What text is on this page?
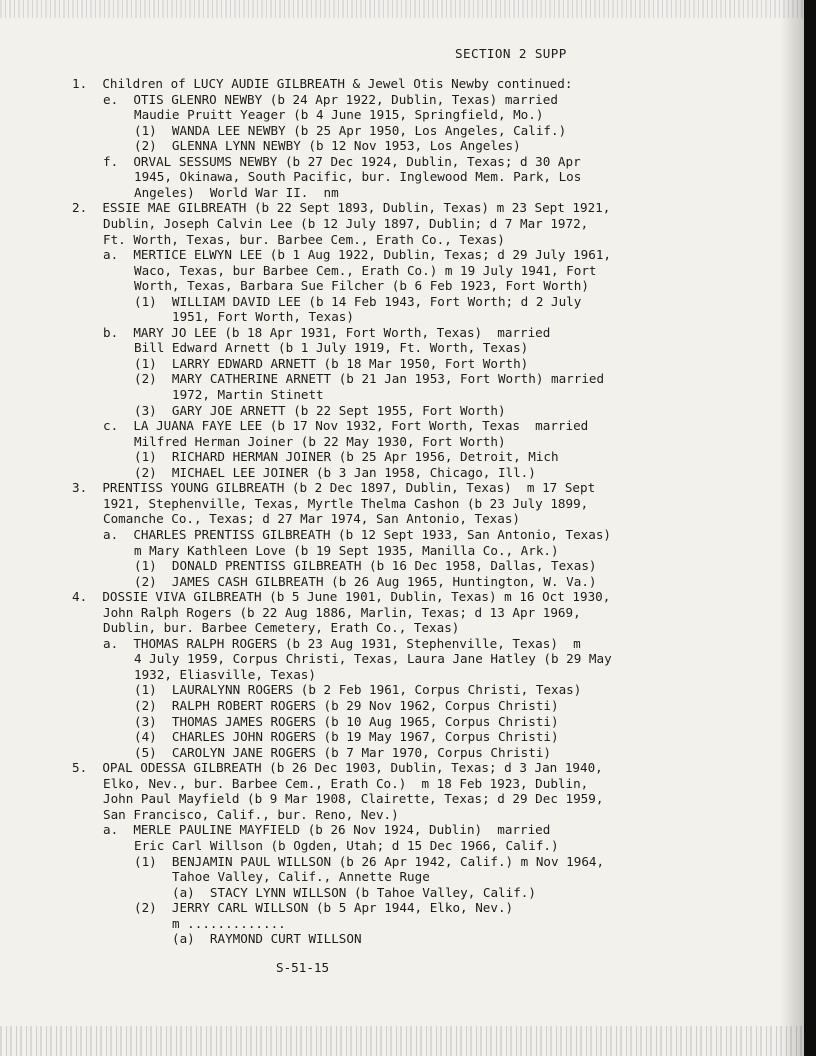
SECTION 2 SUPP
1.  Children of LUCY AUDIE GILBREATH & Jewel Otis Newby continued:
e.  OTIS GLENRO NEWBY (b 24 Apr 1922, Dublin, Texas) married
Maudie Pruitt Yeager (b 4 June 1915, Springfield, Mo.)
(1)  WANDA LEE NEWBY (b 25 Apr 1950, Los Angeles, Calif.)
(2)  GLENNA LYNN NEWBY (b 12 Nov 1953, Los Angeles)
f.  ORVAL SESSUMS NEWBY (b 27 Dec 1924, Dublin, Texas; d 30 Apr
1945, Okinawa, South Pacific, bur. Inglewood Mem. Park, Los
Angeles)  World War II.  nm
2.  ESSIE MAE GILBREATH (b 22 Sept 1893, Dublin, Texas) m 23 Sept 1921,
Dublin, Joseph Calvin Lee (b 12 July 1897, Dublin; d 7 Mar 1972,
Ft. Worth, Texas, bur. Barbee Cem., Erath Co., Texas)
a.  MERTICE ELWYN LEE (b 1 Aug 1922, Dublin, Texas; d 29 July 1961,
Waco, Texas, bur Barbee Cem., Erath Co.) m 19 July 1941, Fort
Worth, Texas, Barbara Sue Filcher (b 6 Feb 1923, Fort Worth)
(1)  WILLIAM DAVID LEE (b 14 Feb 1943, Fort Worth; d 2 July
1951, Fort Worth, Texas)
b.  MARY JO LEE (b 18 Apr 1931, Fort Worth, Texas)  married
Bill Edward Arnett (b 1 July 1919, Ft. Worth, Texas)
(1)  LARRY EDWARD ARNETT (b 18 Mar 1950, Fort Worth)
(2)  MARY CATHERINE ARNETT (b 21 Jan 1953, Fort Worth) married
1972, Martin Stinett
(3)  GARY JOE ARNETT (b 22 Sept 1955, Fort Worth)
c.  LA JUANA FAYE LEE (b 17 Nov 1932, Fort Worth, Texas  married
Milfred Herman Joiner (b 22 May 1930, Fort Worth)
(1)  RICHARD HERMAN JOINER (b 25 Apr 1956, Detroit, Mich
(2)  MICHAEL LEE JOINER (b 3 Jan 1958, Chicago, Ill.)
3.  PRENTISS YOUNG GILBREATH (b 2 Dec 1897, Dublin, Texas)  m 17 Sept
1921, Stephenville, Texas, Myrtle Thelma Cashon (b 23 July 1899,
Comanche Co., Texas; d 27 Mar 1974, San Antonio, Texas)
a.  CHARLES PRENTISS GILBREATH (b 12 Sept 1933, San Antonio, Texas)
m Mary Kathleen Love (b 19 Sept 1935, Manilla Co., Ark.)
(1)  DONALD PRENTISS GILBREATH (b 16 Dec 1958, Dallas, Texas)
(2)  JAMES CASH GILBREATH (b 26 Aug 1965, Huntington, W. Va.)
4.  DOSSIE VIVA GILBREATH (b 5 June 1901, Dublin, Texas) m 16 Oct 1930,
John Ralph Rogers (b 22 Aug 1886, Marlin, Texas; d 13 Apr 1969,
Dublin, bur. Barbee Cemetery, Erath Co., Texas)
a.  THOMAS RALPH ROGERS (b 23 Aug 1931, Stephenville, Texas)  m
4 July 1959, Corpus Christi, Texas, Laura Jane Hatley (b 29 May
1932, Eliasville, Texas)
(1)  LAURALYNN ROGERS (b 2 Feb 1961, Corpus Christi, Texas)
(2)  RALPH ROBERT ROGERS (b 29 Nov 1962, Corpus Christi)
(3)  THOMAS JAMES ROGERS (b 10 Aug 1965, Corpus Christi)
(4)  CHARLES JOHN ROGERS (b 19 May 1967, Corpus Christi)
(5)  CAROLYN JANE ROGERS (b 7 Mar 1970, Corpus Christi)
5.  OPAL ODESSA GILBREATH (b 26 Dec 1903, Dublin, Texas; d 3 Jan 1940,
Elko, Nev., bur. Barbee Cem., Erath Co.)  m 18 Feb 1923, Dublin,
John Paul Mayfield (b 9 Mar 1908, Clairette, Texas; d 29 Dec 1959,
San Francisco, Calif., bur. Reno, Nev.)
a.  MERLE PAULINE MAYFIELD (b 26 Nov 1924, Dublin)  married
Eric Carl Willson (b Ogden, Utah; d 15 Dec 1966, Calif.)
(1)  BENJAMIN PAUL WILLSON (b 26 Apr 1942, Calif.) m Nov 1964,
Tahoe Valley, Calif., Annette Ruge
(a)  STACY LYNN WILLSON (b Tahoe Valley, Calif.)
(2)  JERRY CARL WILLSON (b 5 Apr 1944, Elko, Nev.)
m .............
(a)  RAYMOND CURT WILLSON
S-51-15
